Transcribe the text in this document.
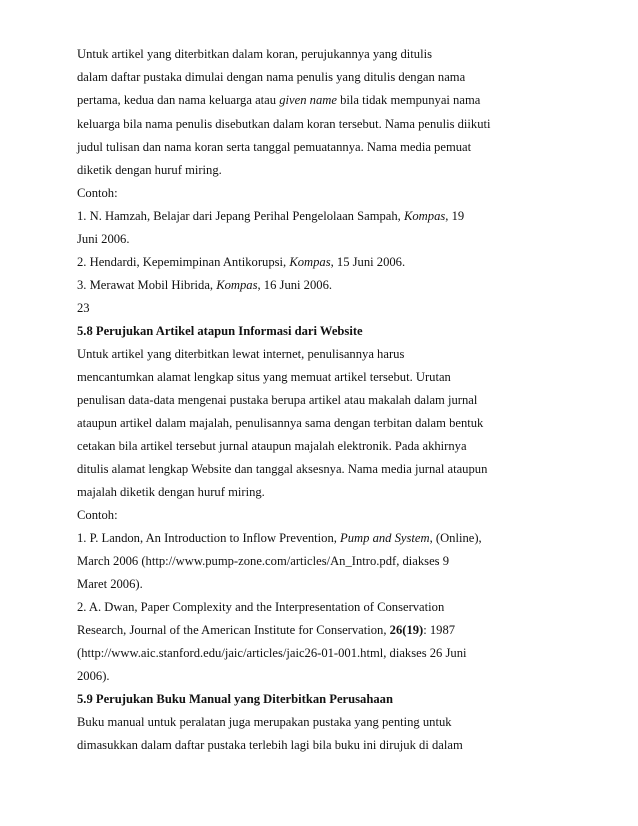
Untuk artikel yang diterbitkan dalam koran, perujukannya yang ditulis
dalam daftar pustaka dimulai dengan nama penulis yang ditulis dengan nama
pertama, kedua dan nama keluarga atau given name bila tidak mempunyai nama
keluarga bila nama penulis disebutkan dalam koran tersebut. Nama penulis diikuti
judul tulisan dan nama koran serta tanggal pemuatannya. Nama media pemuat
diketik dengan huruf miring.
Contoh:
1. N. Hamzah, Belajar dari Jepang Perihal Pengelolaan Sampah, Kompas, 19
Juni 2006.
2. Hendardi, Kepemimpinan Antikorupsi, Kompas, 15 Juni 2006.
3. Merawat Mobil Hibrida, Kompas, 16 Juni 2006.
23
5.8 Perujukan Artikel atapun Informasi dari Website
Untuk artikel yang diterbitkan lewat internet, penulisannya harus
mencantumkan alamat lengkap situs yang memuat artikel tersebut. Urutan
penulisan data-data mengenai pustaka berupa artikel atau makalah dalam jurnal
ataupun artikel dalam majalah, penulisannya sama dengan terbitan dalam bentuk
cetakan bila artikel tersebut jurnal ataupun majalah elektronik. Pada akhirnya
ditulis alamat lengkap Website dan tanggal aksesnya. Nama media jurnal ataupun
majalah diketik dengan huruf miring.
Contoh:
1. P. Landon, An Introduction to Inflow Prevention, Pump and System, (Online),
March 2006 (http://www.pump-zone.com/articles/An_Intro.pdf, diakses 9
Maret 2006).
2. A. Dwan, Paper Complexity and the Interpresentation of Conservation
Research, Journal of the American Institute for Conservation, 26(19): 1987
(http://www.aic.stanford.edu/jaic/articles/jaic26-01-001.html, diakses 26 Juni
2006).
5.9 Perujukan Buku Manual yang Diterbitkan Perusahaan
Buku manual untuk peralatan juga merupakan pustaka yang penting untuk
dimasukkan dalam daftar pustaka terlebih lagi bila buku ini dirujuk di dalam
